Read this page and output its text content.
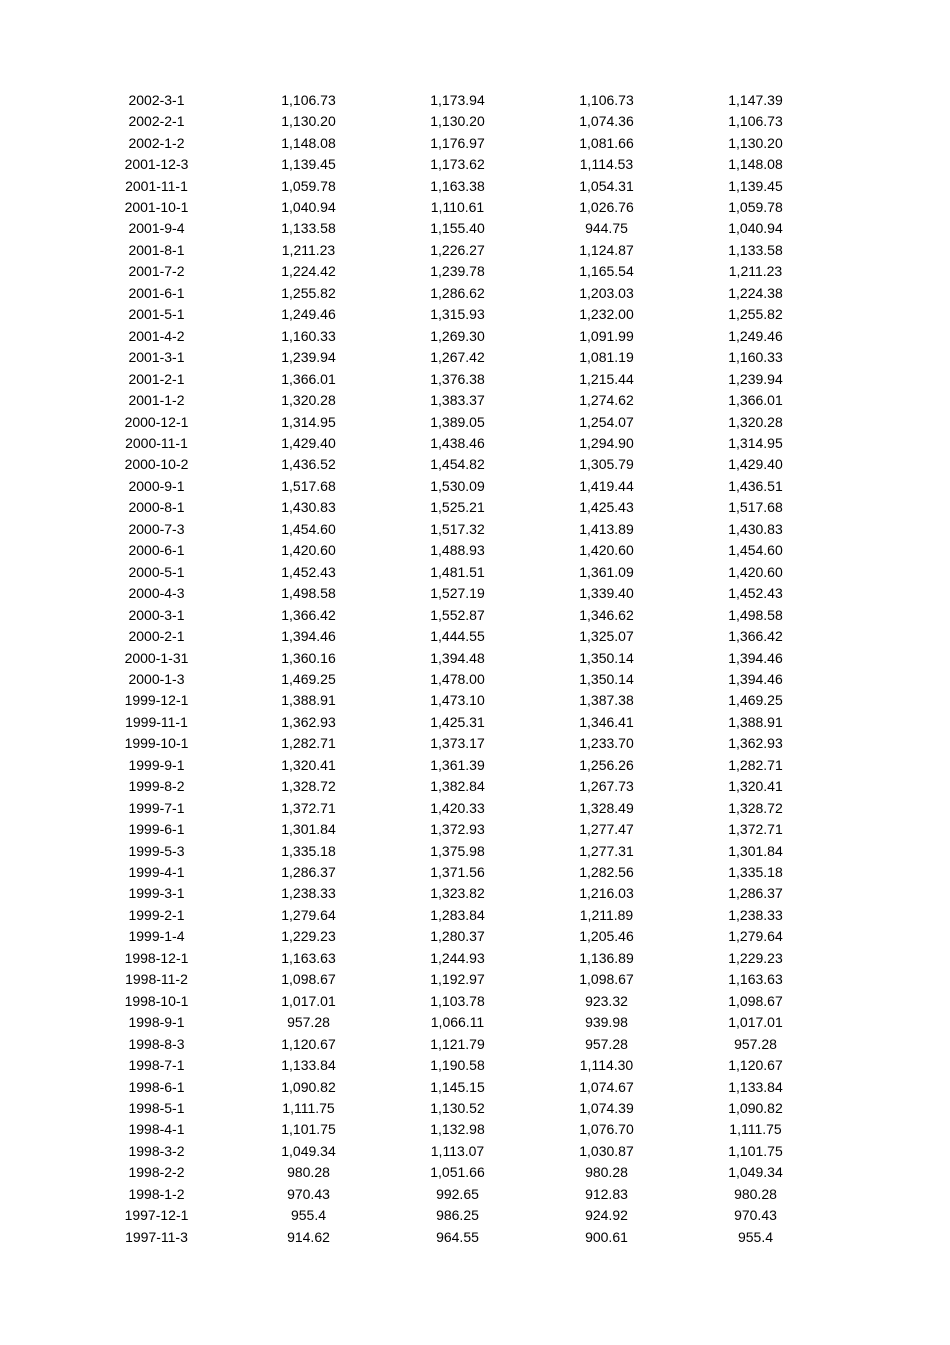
2002-3-1	1,106.73	1,173.94	1,106.73	1,147.39
2002-2-1	1,130.20	1,130.20	1,074.36	1,106.73
2002-1-2	1,148.08	1,176.97	1,081.66	1,130.20
2001-12-3	1,139.45	1,173.62	1,114.53	1,148.08
2001-11-1	1,059.78	1,163.38	1,054.31	1,139.45
2001-10-1	1,040.94	1,110.61	1,026.76	1,059.78
2001-9-4	1,133.58	1,155.40	944.75	1,040.94
2001-8-1	1,211.23	1,226.27	1,124.87	1,133.58
2001-7-2	1,224.42	1,239.78	1,165.54	1,211.23
2001-6-1	1,255.82	1,286.62	1,203.03	1,224.38
2001-5-1	1,249.46	1,315.93	1,232.00	1,255.82
2001-4-2	1,160.33	1,269.30	1,091.99	1,249.46
2001-3-1	1,239.94	1,267.42	1,081.19	1,160.33
2001-2-1	1,366.01	1,376.38	1,215.44	1,239.94
2001-1-2	1,320.28	1,383.37	1,274.62	1,366.01
2000-12-1	1,314.95	1,389.05	1,254.07	1,320.28
2000-11-1	1,429.40	1,438.46	1,294.90	1,314.95
2000-10-2	1,436.52	1,454.82	1,305.79	1,429.40
2000-9-1	1,517.68	1,530.09	1,419.44	1,436.51
2000-8-1	1,430.83	1,525.21	1,425.43	1,517.68
2000-7-3	1,454.60	1,517.32	1,413.89	1,430.83
2000-6-1	1,420.60	1,488.93	1,420.60	1,454.60
2000-5-1	1,452.43	1,481.51	1,361.09	1,420.60
2000-4-3	1,498.58	1,527.19	1,339.40	1,452.43
2000-3-1	1,366.42	1,552.87	1,346.62	1,498.58
2000-2-1	1,394.46	1,444.55	1,325.07	1,366.42
2000-1-31	1,360.16	1,394.48	1,350.14	1,394.46
2000-1-3	1,469.25	1,478.00	1,350.14	1,394.46
1999-12-1	1,388.91	1,473.10	1,387.38	1,469.25
1999-11-1	1,362.93	1,425.31	1,346.41	1,388.91
1999-10-1	1,282.71	1,373.17	1,233.70	1,362.93
1999-9-1	1,320.41	1,361.39	1,256.26	1,282.71
1999-8-2	1,328.72	1,382.84	1,267.73	1,320.41
1999-7-1	1,372.71	1,420.33	1,328.49	1,328.72
1999-6-1	1,301.84	1,372.93	1,277.47	1,372.71
1999-5-3	1,335.18	1,375.98	1,277.31	1,301.84
1999-4-1	1,286.37	1,371.56	1,282.56	1,335.18
1999-3-1	1,238.33	1,323.82	1,216.03	1,286.37
1999-2-1	1,279.64	1,283.84	1,211.89	1,238.33
1999-1-4	1,229.23	1,280.37	1,205.46	1,279.64
1998-12-1	1,163.63	1,244.93	1,136.89	1,229.23
1998-11-2	1,098.67	1,192.97	1,098.67	1,163.63
1998-10-1	1,017.01	1,103.78	923.32	1,098.67
1998-9-1	957.28	1,066.11	939.98	1,017.01
1998-8-3	1,120.67	1,121.79	957.28	957.28
1998-7-1	1,133.84	1,190.58	1,114.30	1,120.67
1998-6-1	1,090.82	1,145.15	1,074.67	1,133.84
1998-5-1	1,111.75	1,130.52	1,074.39	1,090.82
1998-4-1	1,101.75	1,132.98	1,076.70	1,111.75
1998-3-2	1,049.34	1,113.07	1,030.87	1,101.75
1998-2-2	980.28	1,051.66	980.28	1,049.34
1998-1-2	970.43	992.65	912.83	980.28
1997-12-1	955.4	986.25	924.92	970.43
1997-11-3	914.62	964.55	900.61	955.4
